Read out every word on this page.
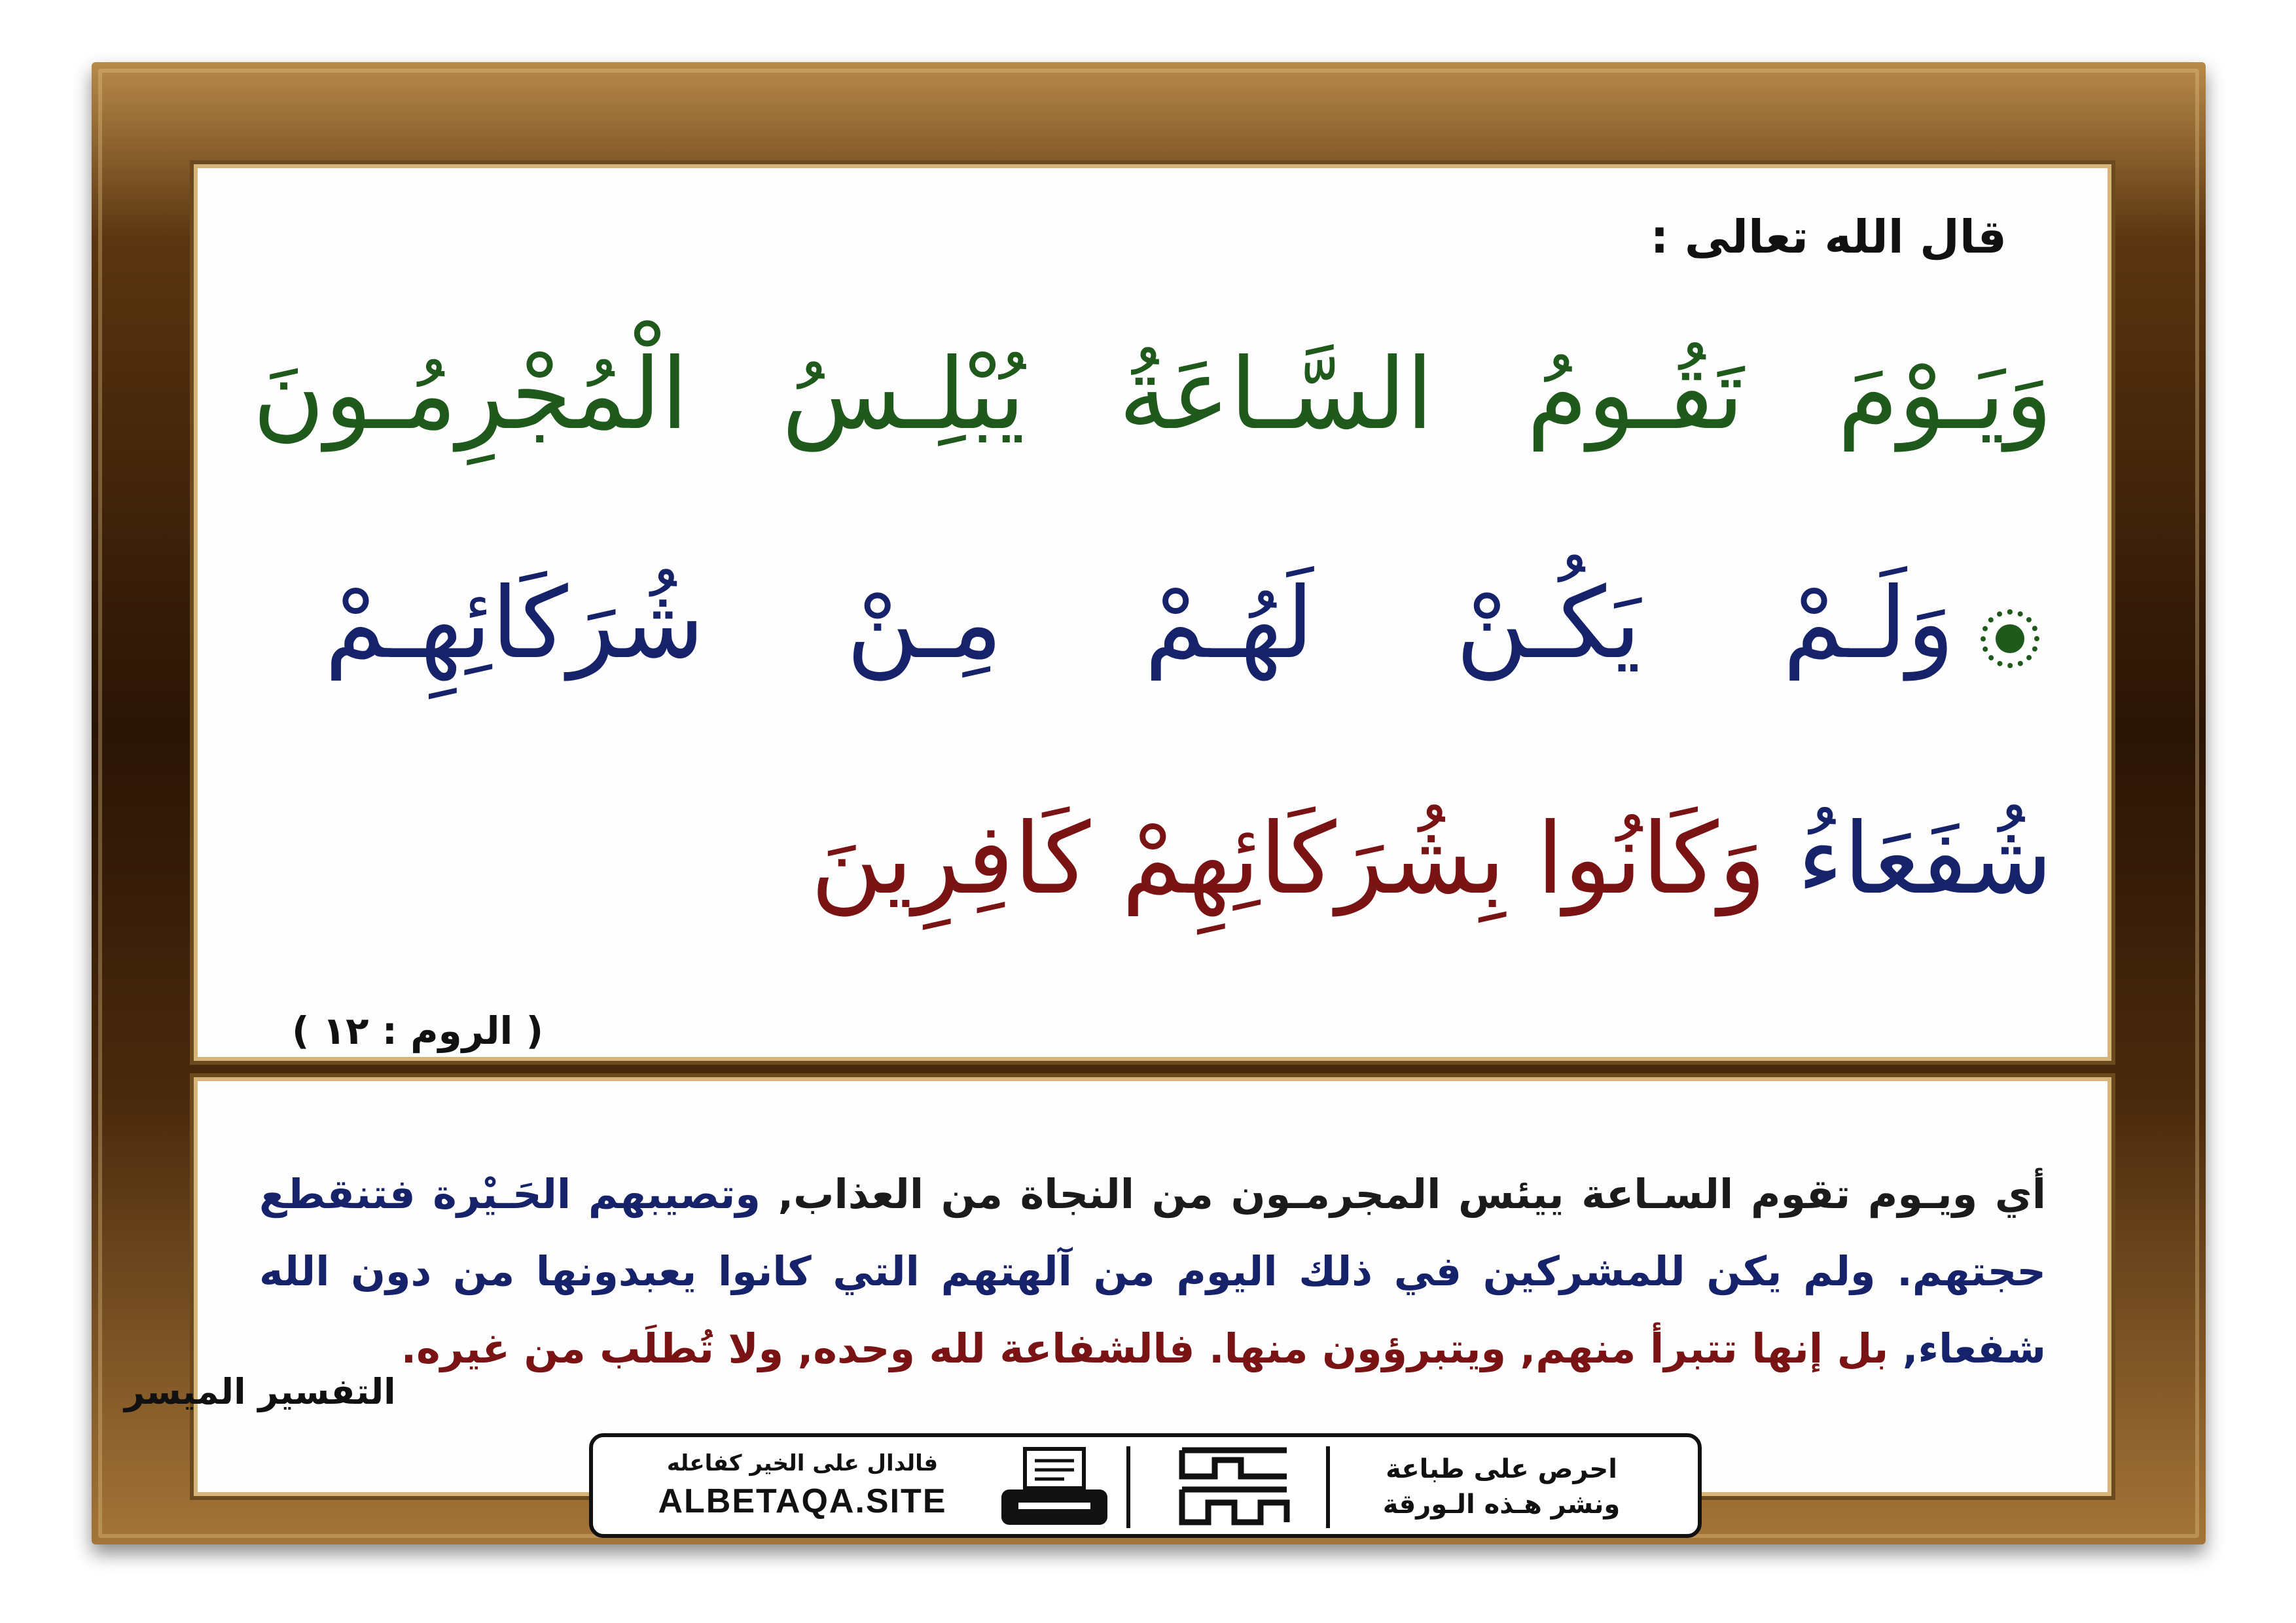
قال الله تعالى :
وَيَـوْمَ تَقُـومُ السَّـاعَةُ يُبْلِـسُ الْمُجْرِمُـونَ
وَلَـمْ يَكُـنْ لَهُـمْ مِـنْ شُرَكَائِهِـمْ
شُفَعَاءُ وَكَانُوا بِشُرَكَائِهِمْ كَافِرِينَ
( الروم : ١٢ )
أي ويـوم تقوم السـاعة ييئس المجرمـون من النجاة من العذاب, وتصيبهم الحَـيْرة فتنقطع حجتهم. ولم يكن للمشركين في ذلك اليوم من آلهتهم التي كانوا يعبدونها من دون الله شفعاء, بل إنها تتبرأ منهم, ويتبرؤون منها. فالشفاعة لله وحده, ولا تُطلَب من غيره.
التفسير الميسر
فالدال على الخير كفاعله
ALBETAQA.SITE
دعوة الورقة
احرص على طباعة
ونشر هـذه الـورقة
